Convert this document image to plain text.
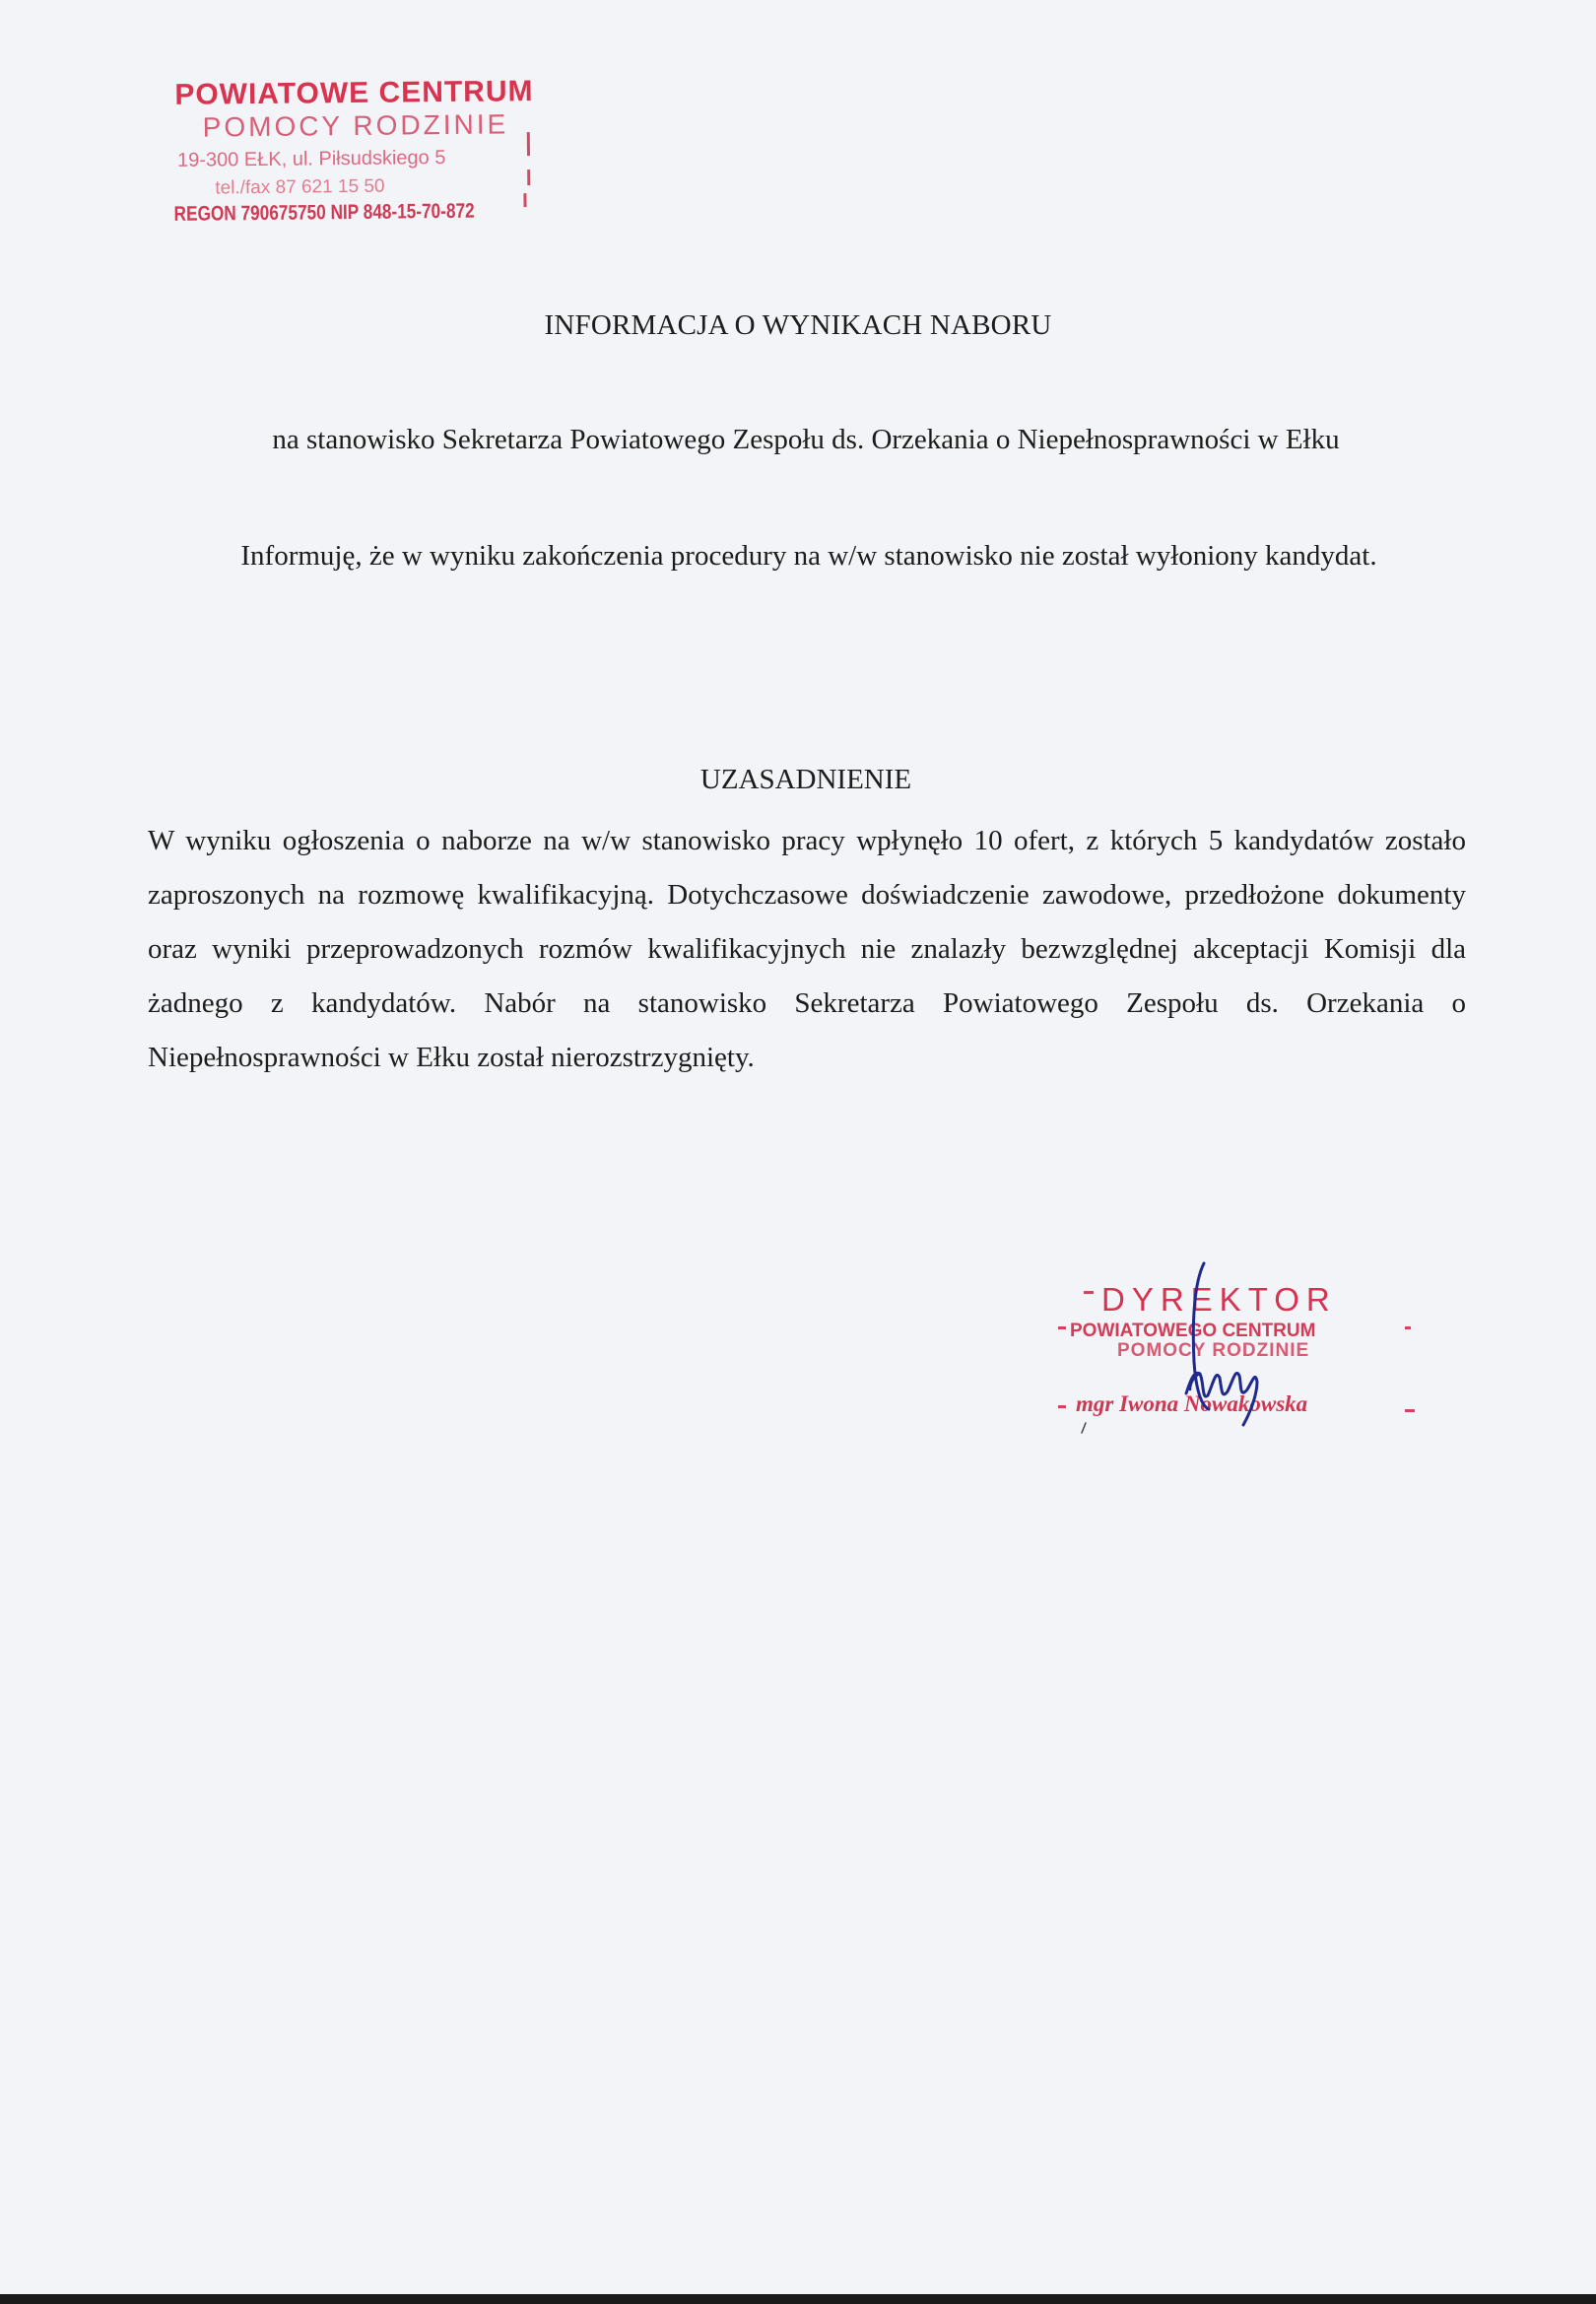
POWIATOWE CENTRUM
POMOCY RODZINIE
19-300 EŁK, ul. Piłsudskiego 5
tel./fax 87 621 15 50
REGON 790675750 NIP 848-15-70-872
INFORMACJA O WYNIKACH NABORU
na stanowisko Sekretarza Powiatowego Zespołu ds. Orzekania o Niepełnosprawności w Ełku
Informuję, że w wyniku zakończenia procedury na w/w stanowisko nie został wyłoniony kandydat.
UZASADNIENIE
W wyniku ogłoszenia o naborze na w/w stanowisko pracy wpłynęło 10 ofert, z których 5 kandydatów zostało zaproszonych na rozmowę kwalifikacyjną. Dotychczasowe doświadczenie zawodowe, przedłożone dokumenty oraz wyniki przeprowadzonych rozmów kwalifikacyjnych nie znalazły bezwzględnej akceptacji Komisji dla żadnego z kandydatów. Nabór na stanowisko Sekretarza Powiatowego Zespołu ds. Orzekania o Niepełnosprawności w Ełku został nierozstrzygnięty.
DYREKTOR
POWIATOWEGO CENTRUM
POMOCY RODZINIE
mgr Iwona Nowakowska
